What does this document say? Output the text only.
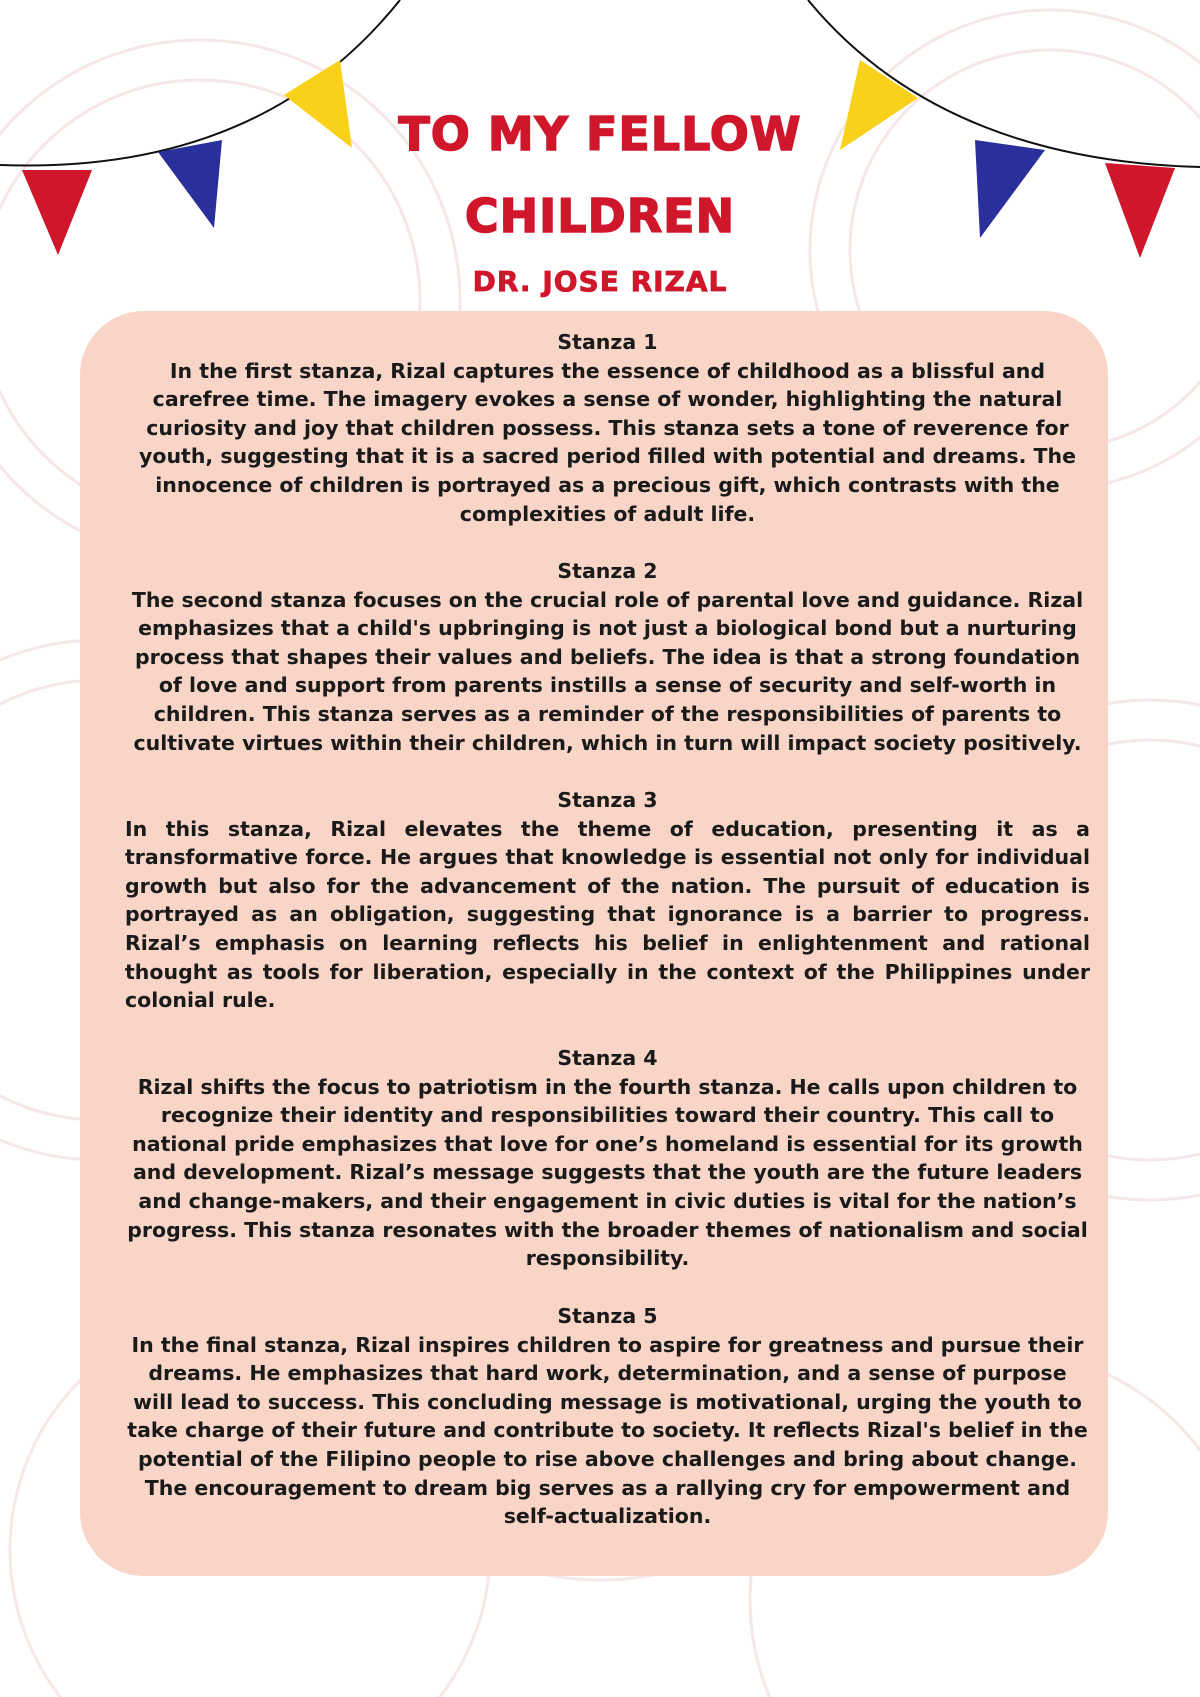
TO MY FELLOW
CHILDREN
DR. JOSE RIZAL
Stanza 1

In the first stanza, Rizal captures the essence of childhood as a blissful and carefree time. The imagery evokes a sense of wonder, highlighting the natural curiosity and joy that children possess. This stanza sets a tone of reverence for youth, suggesting that it is a sacred period filled with potential and dreams. The innocence of children is portrayed as a precious gift, which contrasts with the complexities of adult life.

Stanza 2

The second stanza focuses on the crucial role of parental love and guidance. Rizal emphasizes that a child's upbringing is not just a biological bond but a nurturing process that shapes their values and beliefs. The idea is that a strong foundation of love and support from parents instills a sense of security and self-worth in children. This stanza serves as a reminder of the responsibilities of parents to cultivate virtues within their children, which in turn will impact society positively.

Stanza 3

In this stanza, Rizal elevates the theme of education, presenting it as a transformative force. He argues that knowledge is essential not only for individual growth but also for the advancement of the nation. The pursuit of education is portrayed as an obligation, suggesting that ignorance is a barrier to progress. Rizal’s emphasis on learning reflects his belief in enlightenment and rational thought as tools for liberation, especially in the context of the Philippines under colonial rule.

Stanza 4

Rizal shifts the focus to patriotism in the fourth stanza. He calls upon children to recognize their identity and responsibilities toward their country. This call to national pride emphasizes that love for one’s homeland is essential for its growth and development. Rizal’s message suggests that the youth are the future leaders and change-makers, and their engagement in civic duties is vital for the nation’s progress. This stanza resonates with the broader themes of nationalism and social responsibility.

Stanza 5

In the final stanza, Rizal inspires children to aspire for greatness and pursue their dreams. He emphasizes that hard work, determination, and a sense of purpose will lead to success. This concluding message is motivational, urging the youth to take charge of their future and contribute to society. It reflects Rizal's belief in the potential of the Filipino people to rise above challenges and bring about change. The encouragement to dream big serves as a rallying cry for empowerment and self-actualization.
